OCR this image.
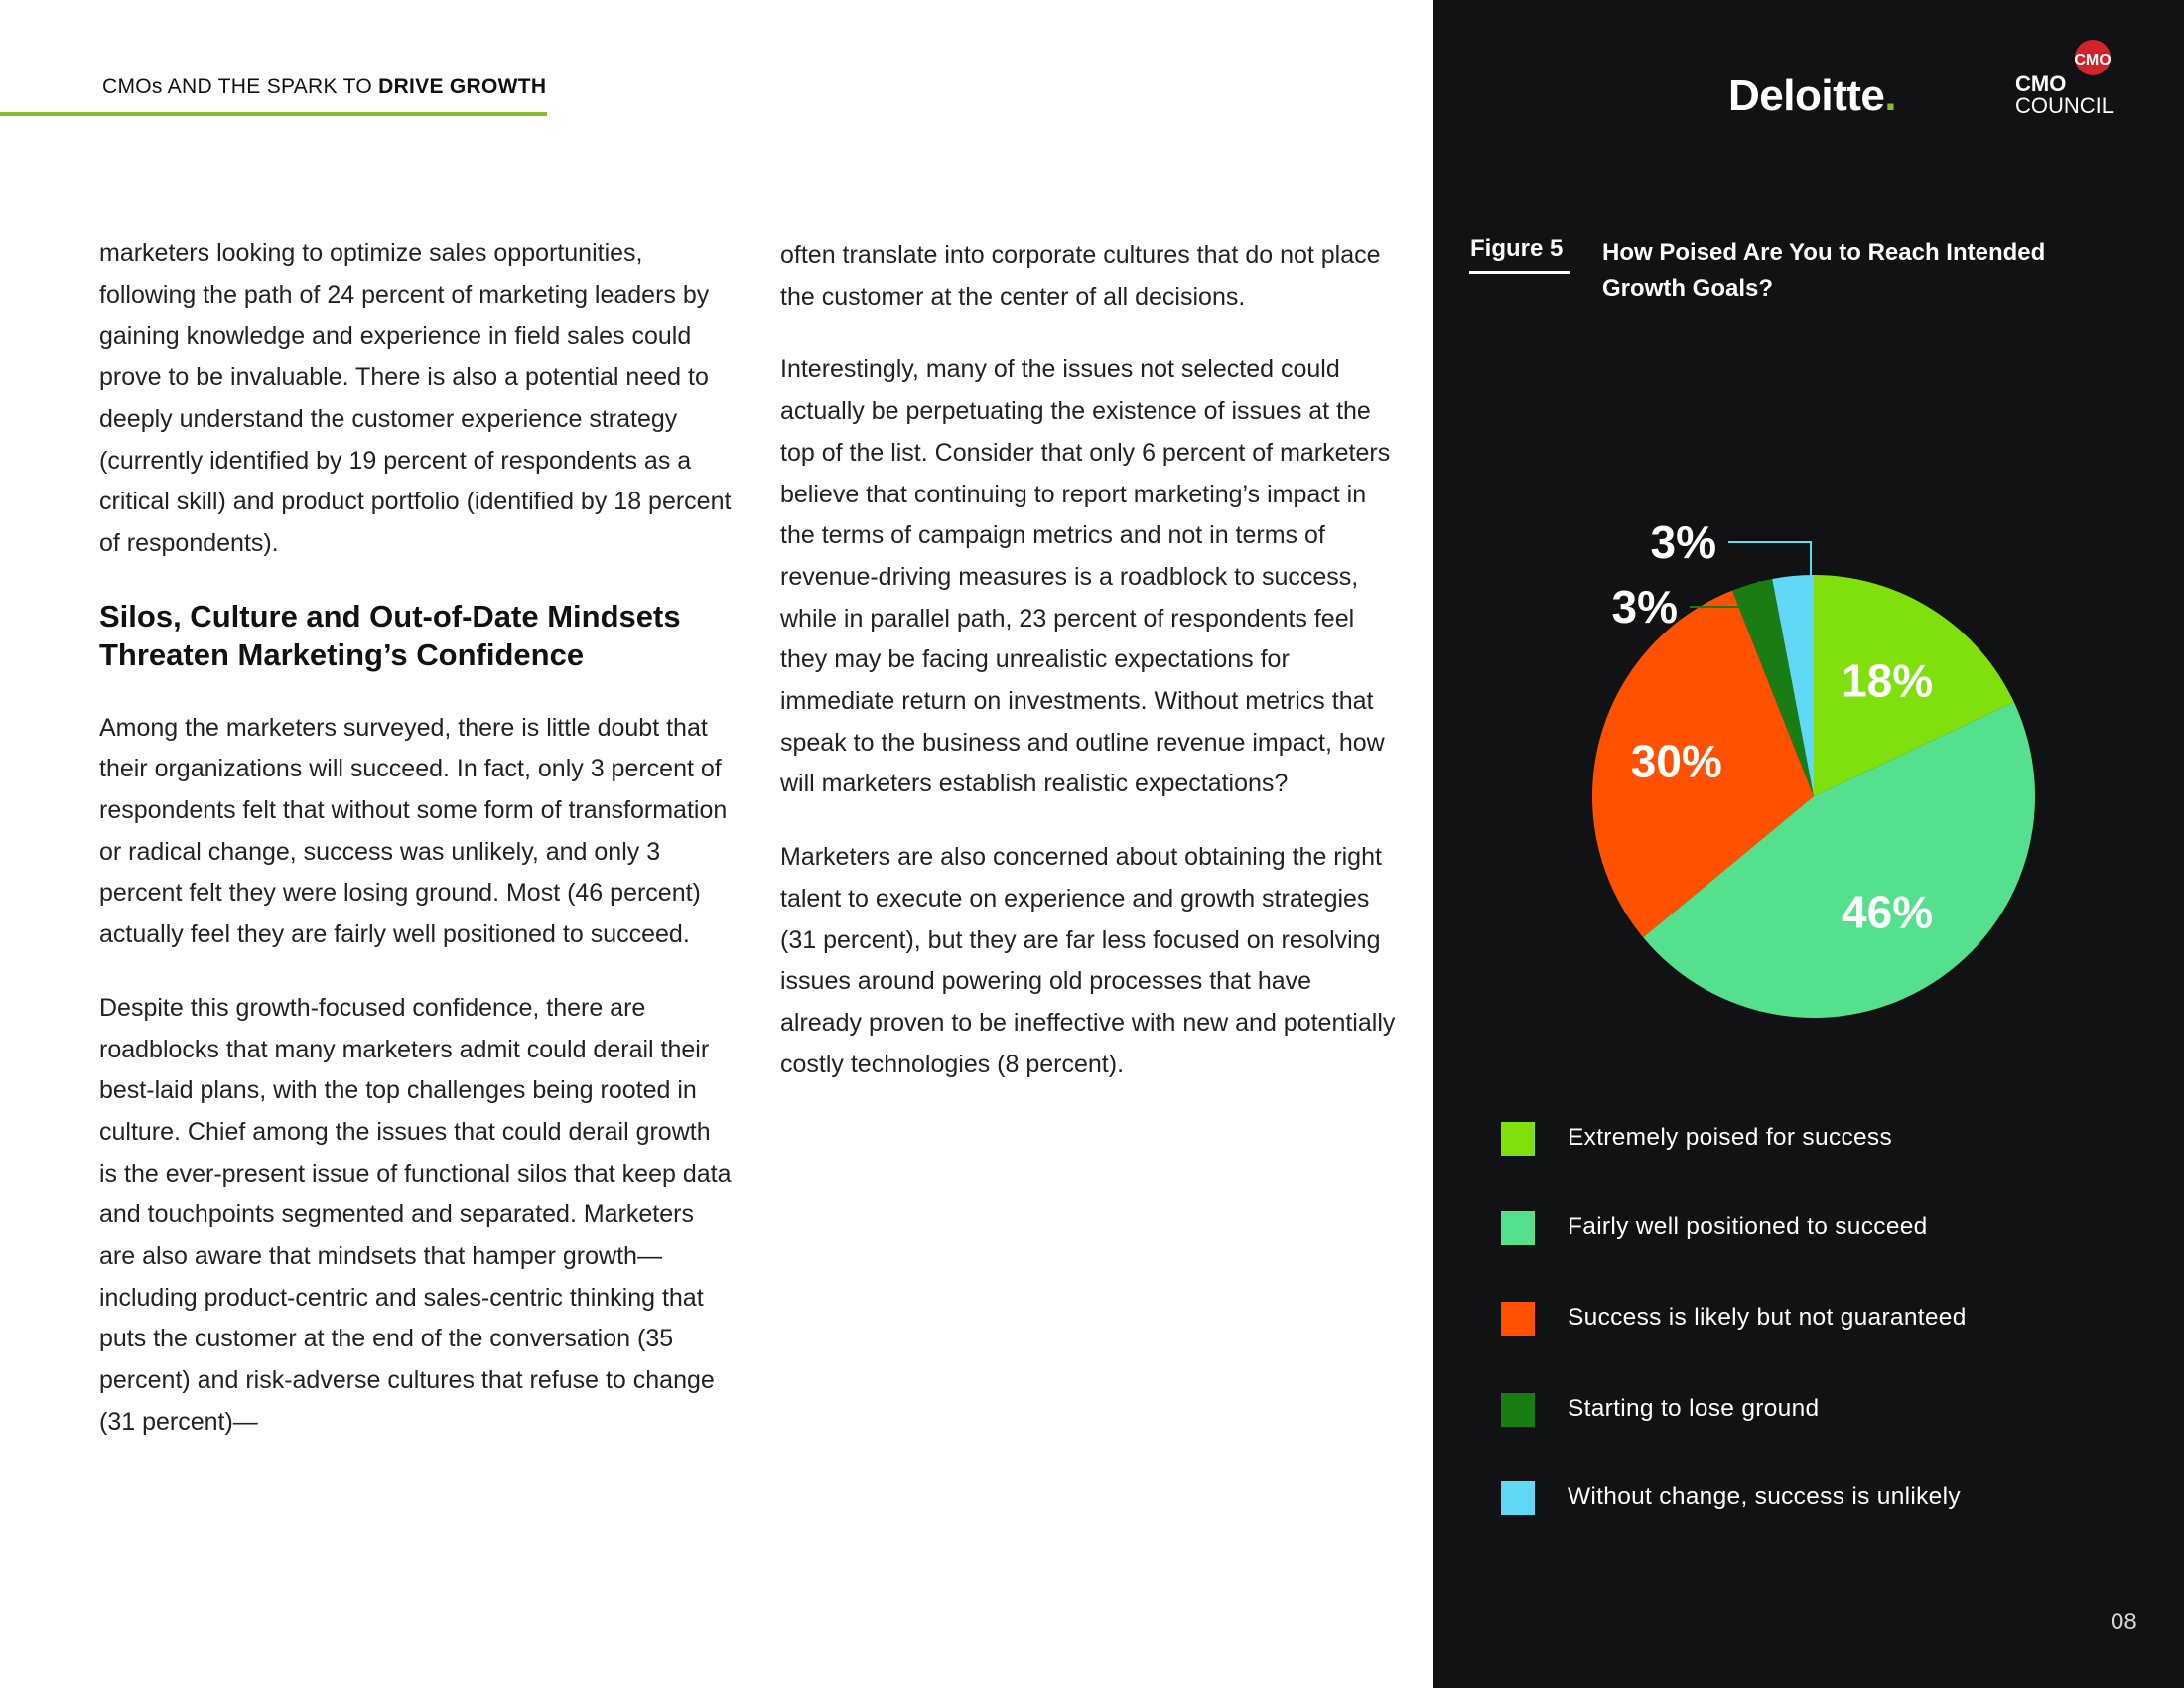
CMOs AND THE SPARK TO DRIVE GROWTH

marketers looking to optimize sales opportunities, following the path of 24 percent of marketing leaders by gaining knowledge and experience in field sales could prove to be invaluable. There is also a potential need to deeply understand the customer experience strategy (currently identified by 19 percent of respondents as a critical skill) and product portfolio (identified by 18 percent of respondents).

Silos, Culture and Out-of-Date Mindsets Threaten Marketing’s Confidence

Among the marketers surveyed, there is little doubt that their organizations will succeed. In fact, only 3 percent of respondents felt that without some form of transformation or radical change, success was unlikely, and only 3 percent felt they were losing ground. Most (46 percent) actually feel they are fairly well positioned to succeed.

Despite this growth-focused confidence, there are roadblocks that many marketers admit could derail their best-laid plans, with the top challenges being rooted in culture. Chief among the issues that could derail growth is the ever-present issue of functional silos that keep data and touchpoints segmented and separated. Marketers are also aware that mindsets that hamper growth—including product-centric and sales-centric thinking that puts the customer at the end of the conversation (35 percent) and risk-adverse cultures that refuse to change (31 percent)—

often translate into corporate cultures that do not place the customer at the center of all decisions.

Interestingly, many of the issues not selected could actually be perpetuating the existence of issues at the top of the list. Consider that only 6 percent of marketers believe that continuing to report marketing’s impact in the terms of campaign metrics and not in terms of revenue-driving measures is a roadblock to success, while in parallel path, 23 percent of respondents feel they may be facing unrealistic expectations for immediate return on investments. Without metrics that speak to the business and outline revenue impact, how will marketers establish realistic expectations?

Marketers are also concerned about obtaining the right talent to execute on experience and growth strategies (31 percent), but they are far less focused on resolving issues around powering old processes that have already proven to be ineffective with new and potentially costly technologies (8 percent).

Deloitte.
CMO
CMO
COUNCIL
Figure 5 How Poised Are You to Reach Intended Growth Goals?
18%
46%
30%
3%
3%
Extremely poised for success
Fairly well positioned to succeed
Success is likely but not guaranteed
Starting to lose ground
Without change, success is unlikely
08
